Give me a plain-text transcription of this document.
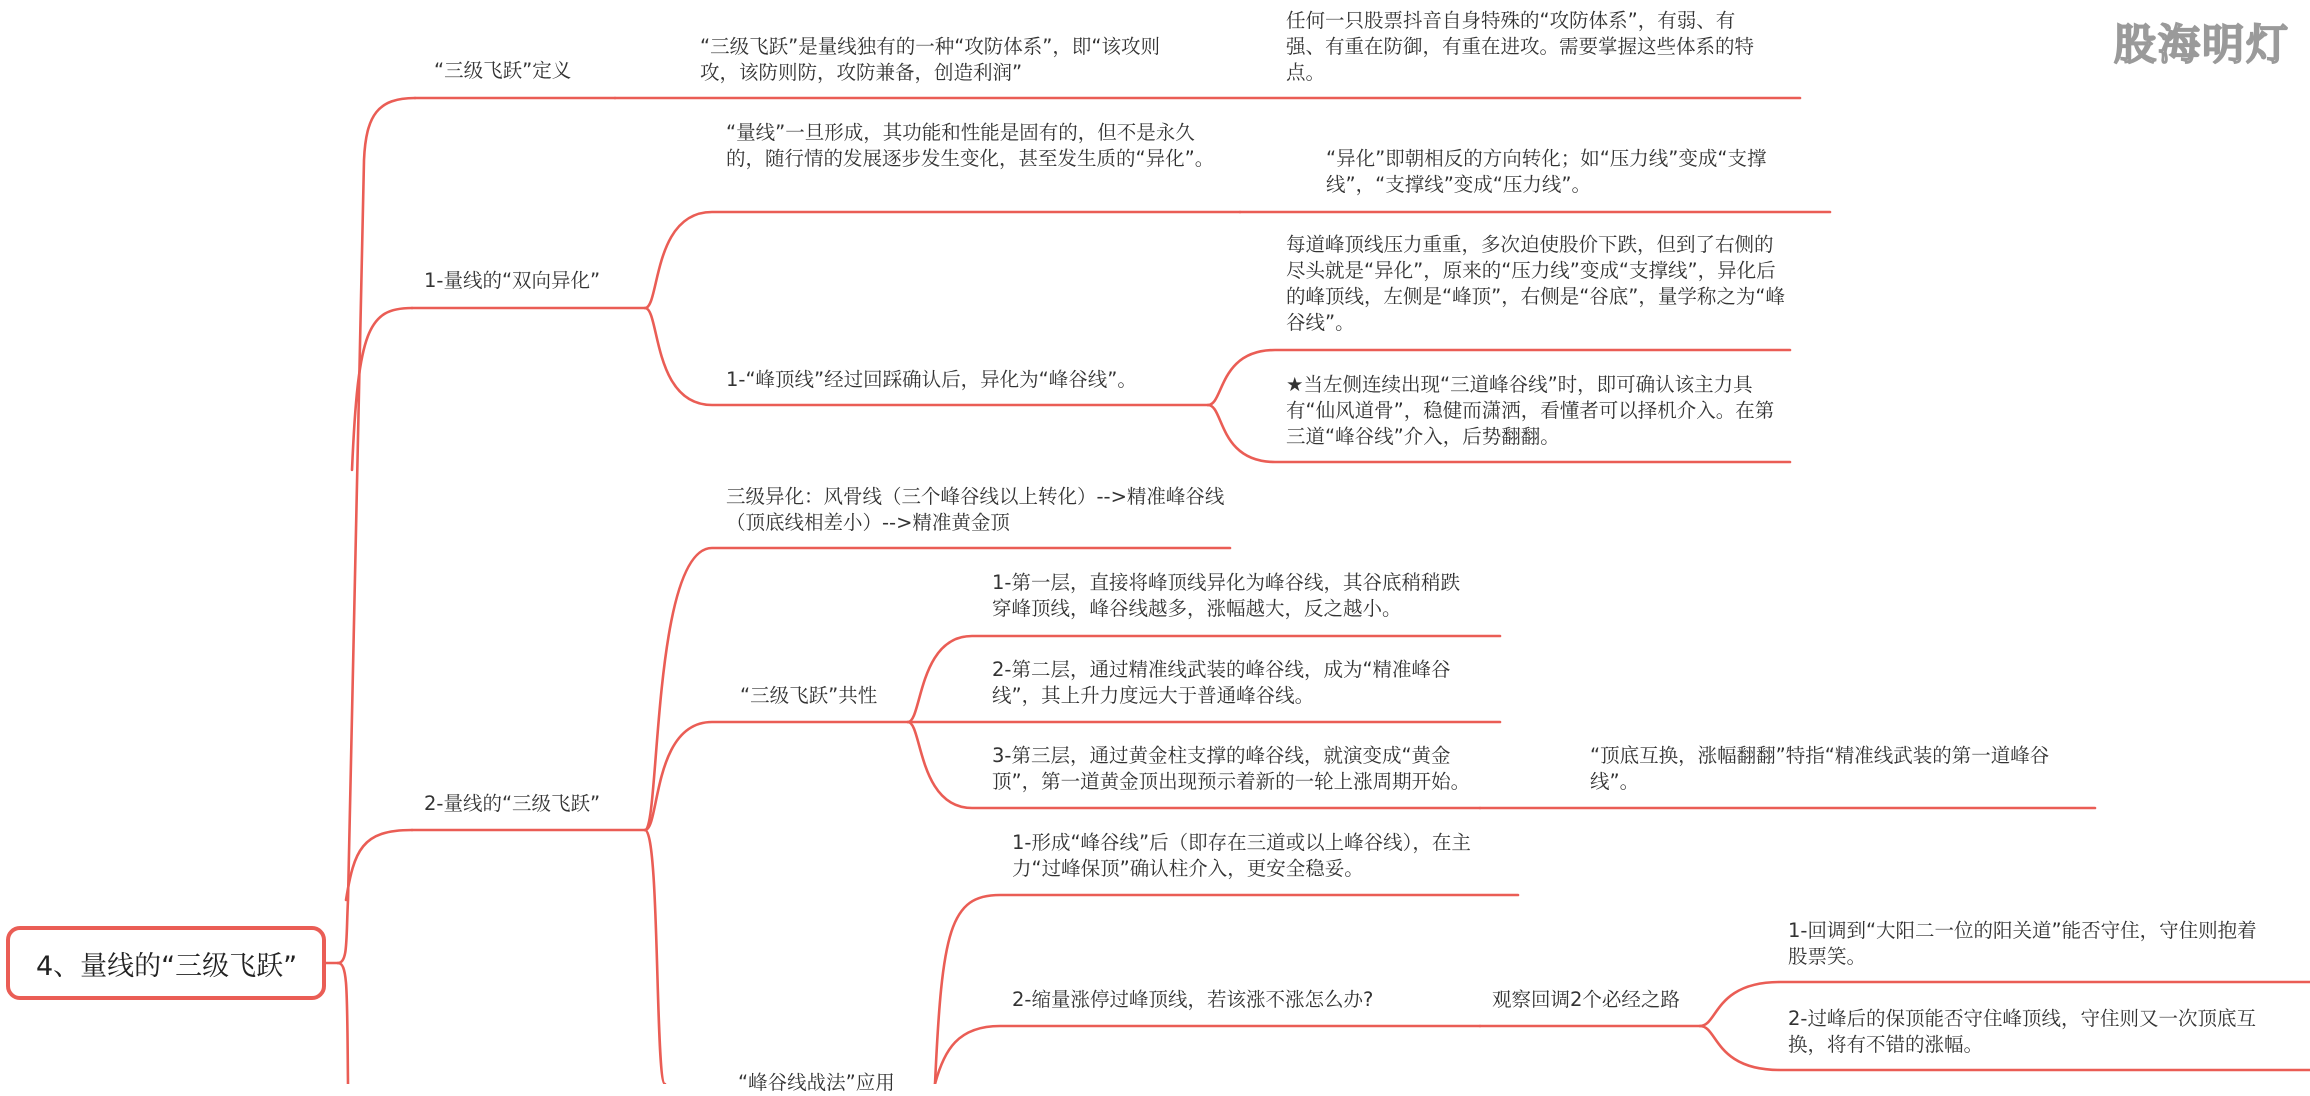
股海明灯
4、量线的“三级飞跃”
“三级飞跃”定义
“三级飞跃”是量线独有的一种“攻防体系”，即“该攻则攻，该防则防，攻防兼备，创造利润”
任何一只股票抖音自身特殊的“攻防体系”，有弱、有强、有重在防御，有重在进攻。需要掌握这些体系的特点。
1-量线的“双向异化”
“量线”一旦形成，其功能和性能是固有的，但不是永久的，随行情的发展逐步发生变化，甚至发生质的“异化”。	“异化”即朝相反的方向转化；如“压力线”变成“支撑线”，“支撑线”变成“压力线”。
1-“峰顶线”经过回踩确认后，异化为“峰谷线”。
每道峰顶线压力重重，多次迫使股价下跌，但到了右侧的尽头就是“异化”，原来的“压力线”变成“支撑线”，异化后的峰顶线，左侧是“峰顶”，右侧是“谷底”，量学称之为“峰谷线”。
★当左侧连续出现“三道峰谷线”时，即可确认该主力具有“仙风道骨”，稳健而潇洒，看懂者可以择机介入。在第三道“峰谷线”介入，后势翻翻。
2-量线的“三级飞跃”
三级异化：风骨线（三个峰谷线以上转化）-->精准峰谷线（顶底线相差小）-->精准黄金顶
“三级飞跃”共性
1-第一层，直接将峰顶线异化为峰谷线，其谷底稍稍跌穿峰顶线，峰谷线越多，涨幅越大，反之越小。
2-第二层，通过精准线武装的峰谷线，成为“精准峰谷线”，其上升力度远大于普通峰谷线。
3-第三层，通过黄金柱支撑的峰谷线，就演变成“黄金顶”，第一道黄金顶出现预示着新的一轮上涨周期开始。
“顶底互换，涨幅翻翻”特指“精准线武装的第一道峰谷线”。
“峰谷线战法”应用
1-形成“峰谷线”后（即存在三道或以上峰谷线），在主力“过峰保顶”确认柱介入，更安全稳妥。
2-缩量涨停过峰顶线，若该涨不涨怎么办?	观察回调2个必经之路
1-回调到“大阳二一位的阳关道”能否守住，守住则抱着股票笑。
2-过峰后的保顶能否守住峰顶线，守住则又一次顶底互换，将有不错的涨幅。
